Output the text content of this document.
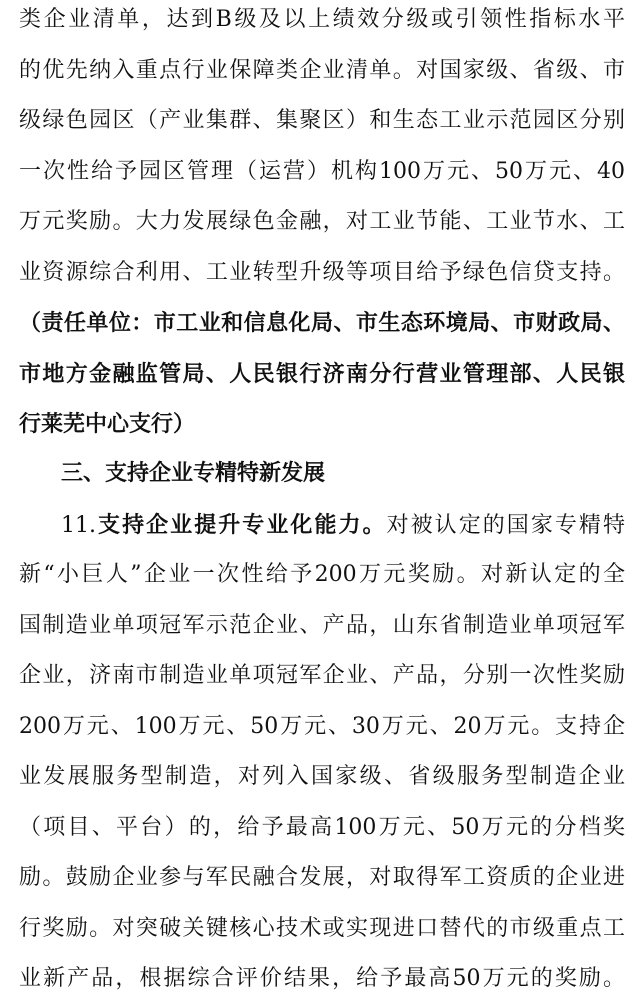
类企业清单，达到B级及以上绩效分级或引领性指标水平
的优先纳入重点行业保障类企业清单。对国家级、省级、市
级绿色园区（产业集群、集聚区）和生态工业示范园区分别
一次性给予园区管理（运营）机构100万元、50万元、40
万元奖励。大力发展绿色金融，对工业节能、工业节水、工
业资源综合利用、工业转型升级等项目给予绿色信贷支持。
（责任单位：市工业和信息化局、市生态环境局、市财政局、
市地方金融监管局、人民银行济南分行营业管理部、人民银
行莱芜中心支行）
三、支持企业专精特新发展
11.支持企业提升专业化能力。对被认定的国家专精特
新“小巨人”企业一次性给予200万元奖励。对新认定的全
国制造业单项冠军示范企业、产品，山东省制造业单项冠军
企业，济南市制造业单项冠军企业、产品，分别一次性奖励
200万元、100万元、50万元、30万元、20万元。支持企
业发展服务型制造，对列入国家级、省级服务型制造企业
（项目、平台）的，给予最高100万元、50万元的分档奖
励。鼓励企业参与军民融合发展，对取得军工资质的企业进
行奖励。对突破关键核心技术或实现进口替代的市级重点工
业新产品，根据综合评价结果，给予最高50万元的奖励。
